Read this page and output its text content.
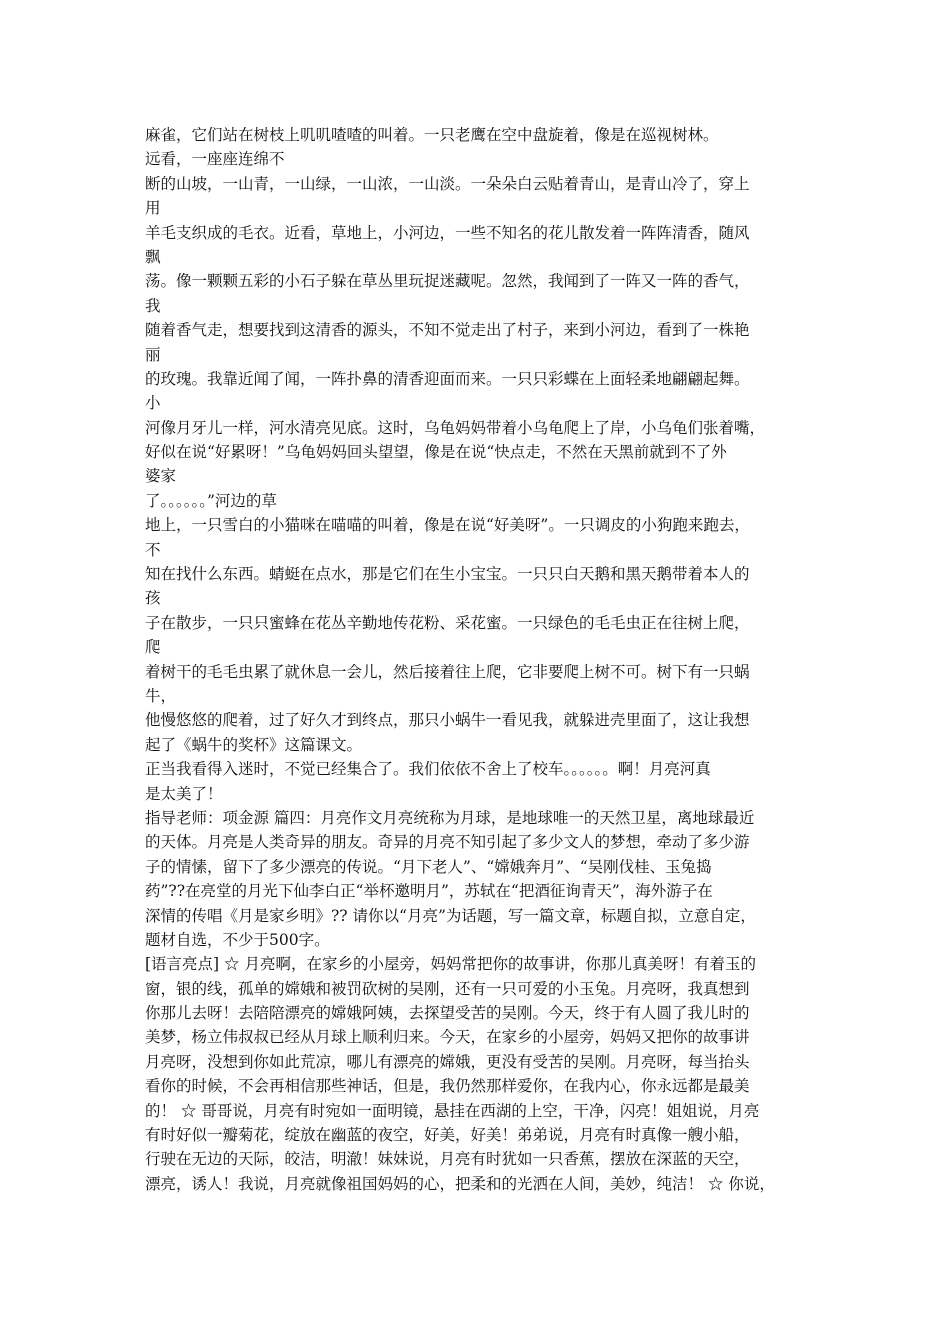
麻雀，它们站在树枝上叽叽喳喳的叫着。一只老鹰在空中盘旋着，像是在巡视树林。
远看，一座座连绵不
断的山坡，一山青，一山绿，一山浓，一山淡。一朵朵白云贴着青山，是青山冷了，穿上
用
羊毛支织成的毛衣。近看，草地上，小河边，一些不知名的花儿散发着一阵阵清香，随风
飘
荡。像一颗颗五彩的小石子躲在草丛里玩捉迷藏呢。忽然，我闻到了一阵又一阵的香气，
我
随着香气走，想要找到这清香的源头，不知不觉走出了村子，来到小河边，看到了一株艳
丽
的玫瑰。我靠近闻了闻，一阵扑鼻的清香迎面而来。一只只彩蝶在上面轻柔地翩翩起舞。
小
河像月牙儿一样，河水清亮见底。这时，乌龟妈妈带着小乌龟爬上了岸，小乌龟们张着嘴，
好似在说“好累呀！”乌龟妈妈回头望望，像是在说“快点走，不然在天黑前就到不了外
婆家
了。。。。。。”河边的草
地上，一只雪白的小猫咪在喵喵的叫着，像是在说“好美呀”。一只调皮的小狗跑来跑去，
不
知在找什么东西。蜻蜓在点水，那是它们在生小宝宝。一只只白天鹅和黑天鹅带着本人的
孩
子在散步，一只只蜜蜂在花丛辛勤地传花粉、采花蜜。一只绿色的毛毛虫正在往树上爬，
爬
着树干的毛毛虫累了就休息一会儿，然后接着往上爬，它非要爬上树不可。树下有一只蜗
牛，
他慢悠悠的爬着，过了好久才到终点，那只小蜗牛一看见我，就躲进壳里面了，这让我想
起了《蜗牛的奖杯》这篇课文。
正当我看得入迷时，不觉已经集合了。我们依依不舍上了校车。。。。。。啊！月亮河真
是太美了！
指导老师：项金源 篇四：月亮作文月亮统称为月球，是地球唯一的天然卫星，离地球最近
的天体。月亮是人类奇异的朋友。奇异的月亮不知引起了多少文人的梦想，牵动了多少游
子的情愫，留下了多少漂亮的传说。“月下老人”、“嫦娥奔月”、“吴刚伐桂、玉兔捣
药”??在亮堂的月光下仙李白正“举杯邀明月”，苏轼在“把酒征询青天”，海外游子在
深情的传唱《月是家乡明》?? 请你以“月亮”为话题，写一篇文章，标题自拟，立意自定，
题材自选，不少于500字。
[语言亮点] ☆ 月亮啊，在家乡的小屋旁，妈妈常把你的故事讲，你那儿真美呀！有着玉的
窗，银的线，孤单的嫦娥和被罚砍树的吴刚，还有一只可爱的小玉兔。月亮呀，我真想到
你那儿去呀！去陪陪漂亮的嫦娥阿姨，去探望受苦的吴刚。今天，终于有人圆了我儿时的
美梦，杨立伟叔叔已经从月球上顺利归来。今天，在家乡的小屋旁，妈妈又把你的故事讲
月亮呀，没想到你如此荒凉，哪儿有漂亮的嫦娥，更没有受苦的吴刚。月亮呀，每当抬头
看你的时候，不会再相信那些神话，但是，我仍然那样爱你，在我内心，你永远都是最美
的！ ☆ 哥哥说，月亮有时宛如一面明镜，悬挂在西湖的上空，干净，闪亮！姐姐说，月亮
有时好似一瓣菊花，绽放在幽蓝的夜空，好美，好美！弟弟说，月亮有时真像一艘小船，
行驶在无边的天际，皎洁，明澈！妹妹说，月亮有时犹如一只香蕉，摆放在深蓝的天空，
漂亮，诱人！我说，月亮就像祖国妈妈的心，把柔和的光洒在人间，美妙，纯洁！ ☆ 你说，
